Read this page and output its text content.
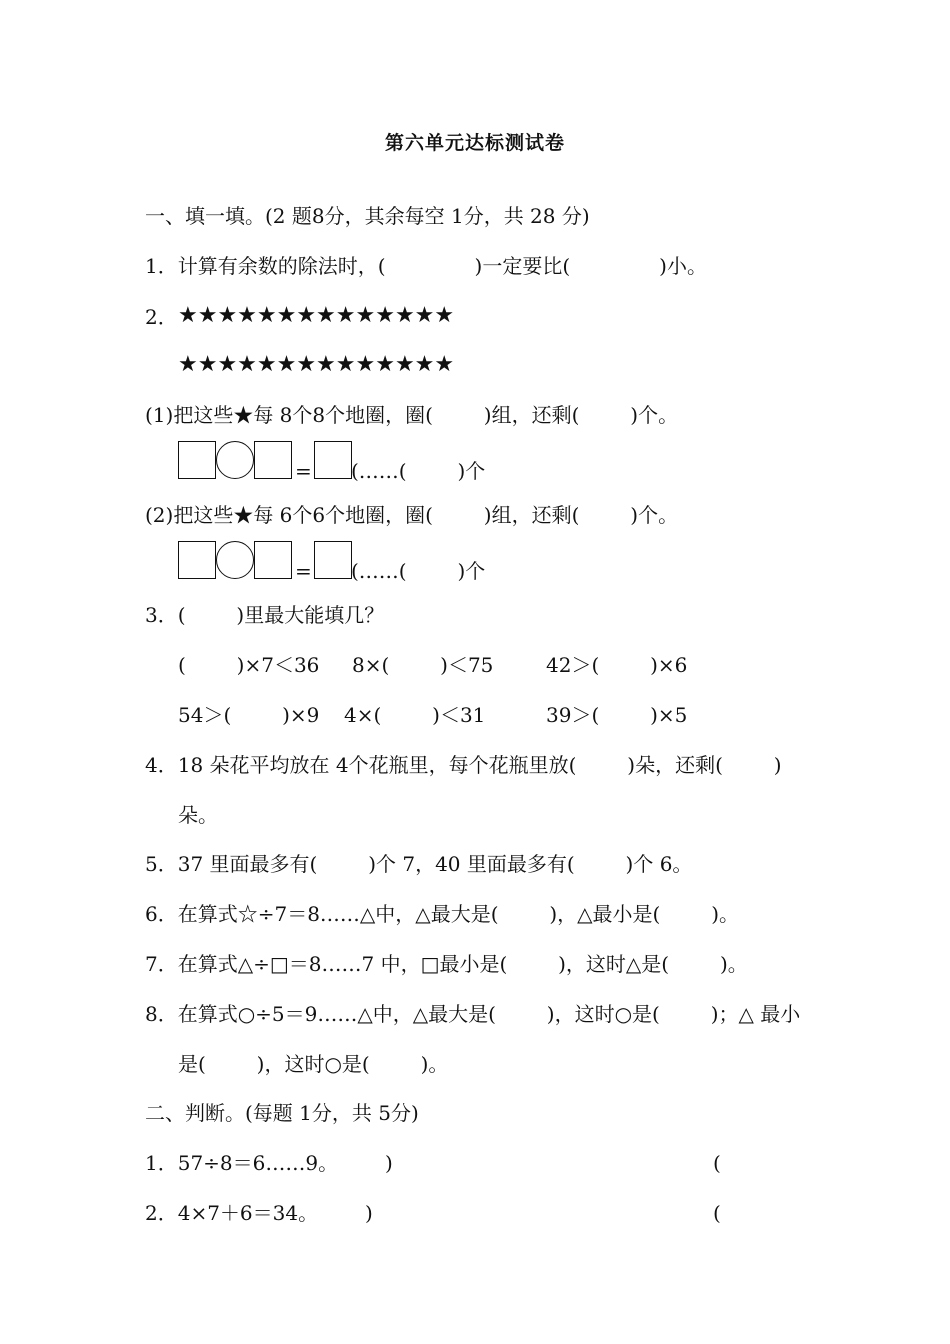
第六单元达标测试卷
一、填一填。(2 题8分，其余每空 1分，共 28 分)
1．计算有余数的除法时，(              )一定要比(              )小。
2． ★★★★★★★★★★★★★★
★★★★★★★★★★★★★★
(1)把这些★每 8个8个地圈，圈(        )组，还剩(        )个。
= (……(        )个
(2)把这些★每 6个6个地圈，圈(        )组，还剩(        )个。
= (……(        )个
3．(        )里最大能填几？
(        )×7＜36 8×(        )＜75	42＞(        )×6
54＞(        )×9 4×(        )＜31	39＞(        )×5
4．18 朵花平均放在 4个花瓶里，每个花瓶里放(        )朵，还剩(        )
朵。
5．37 里面最多有(        )个 7，40 里面最多有(        )个 6。
6．在算式☆÷7＝8……△中，△最大是(        )，△最小是(        )。
7．在算式△÷□＝8……7 中，□最小是(        )，这时△是(        )。
8．在算式○÷5＝9……△中，△最大是(        )，这时○是(        )；△ 最小
是(        )，这时○是(        )。
二、判断。(每题 1分，共 5分)
1．57÷8＝6……9。 )	(
2．4×7＋6＝34。 )	(
